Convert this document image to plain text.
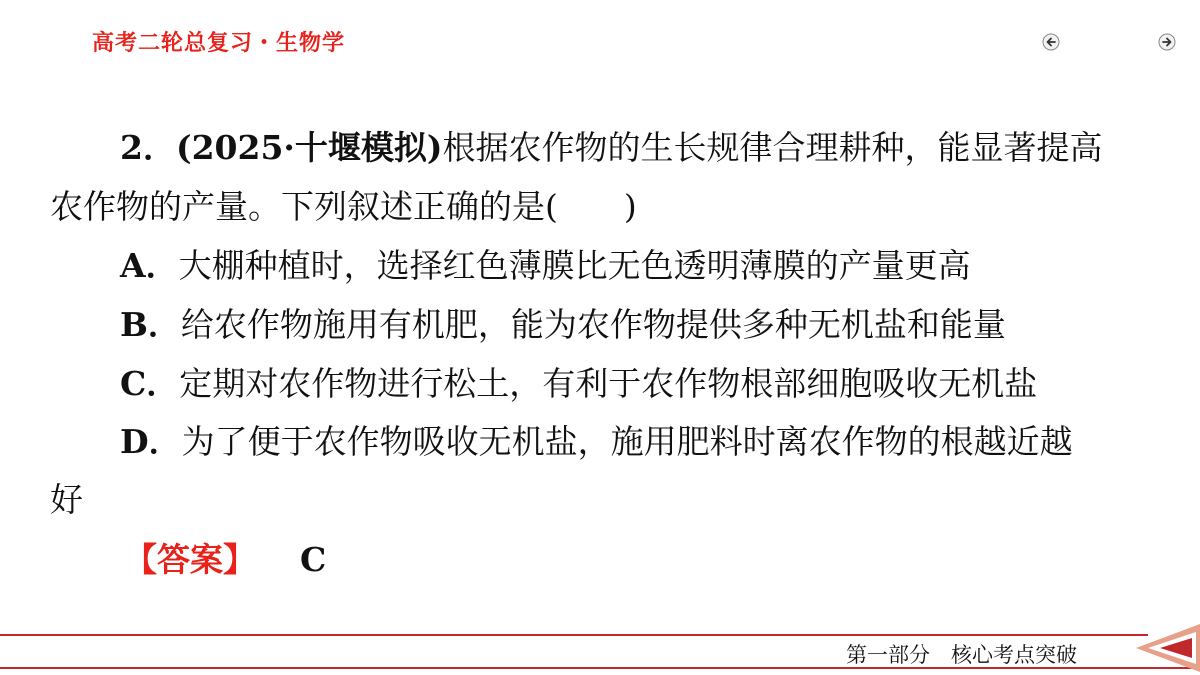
高考二轮总复习・生物学
2．(2025·十堰模拟)根据农作物的生长规律合理耕种，能显著提高
农作物的产量。下列叙述正确的是(　　)
A．大棚种植时，选择红色薄膜比无色透明薄膜的产量更高
B．给农作物施用有机肥，能为农作物提供多种无机盐和能量
C．定期对农作物进行松土，有利于农作物根部细胞吸收无机盐
D．为了便于农作物吸收无机盐，施用肥料时离农作物的根越近越
好
【答案】 C
第一部分　核心考点突破
